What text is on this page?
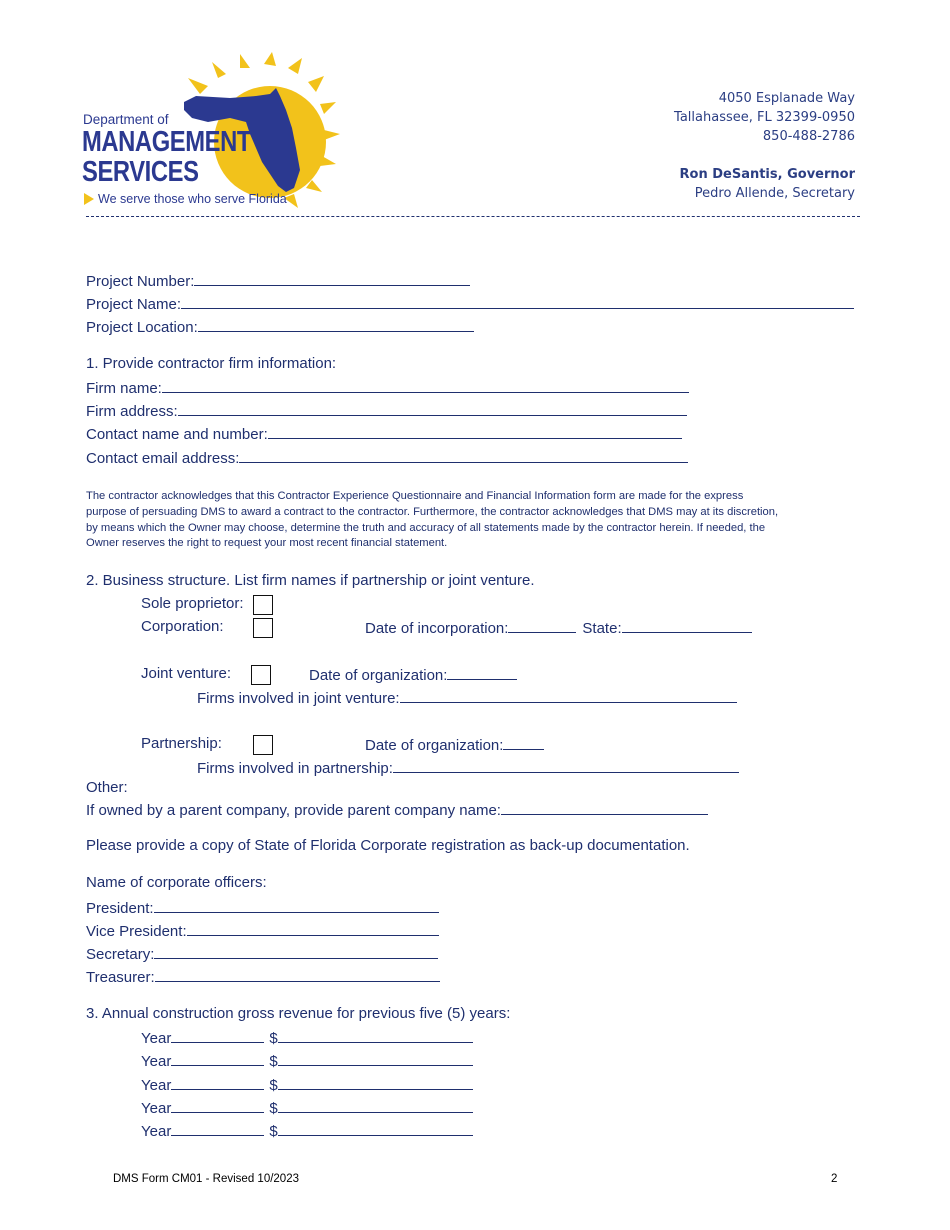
Department of
MANAGEMENT
SERVICES
We serve those who serve Florida
4050 Esplanade Way
Tallahassee, FL 32399-0950
850-488-2786
Ron DeSantis, Governor
Pedro Allende, Secretary
Project Number:
Project Name:
Project Location:
1. Provide contractor firm information:
Firm name:
Firm address:
Contact name and number:
Contact email address:
The contractor acknowledges that this Contractor Experience Questionnaire and Financial Information form are made for the express
purpose of persuading DMS to award a contract to the contractor. Furthermore, the contractor acknowledges that DMS may at its discretion,
by means which the Owner may choose, determine the truth and accuracy of all statements made by the contractor herein. If needed, the
Owner reserves the right to request your most recent financial statement.
2. Business structure. List firm names if partnership or joint venture.
Sole proprietor:
Corporation:	Date of incorporation:	State:
Joint venture:	Date of organization:
Firms involved in joint venture:
Partnership:	Date of organization:
Firms involved in partnership:
Other:
If owned by a parent company, provide parent company name:
Please provide a copy of State of Florida Corporate registration as back-up documentation.
Name of corporate officers:
President:
Vice President:
Secretary:
Treasurer:
3. Annual construction gross revenue for previous five (5) years:
Year	$
Year	$
Year	$
Year	$
Year	$
DMS Form CM01 - Revised 10/2023	2
